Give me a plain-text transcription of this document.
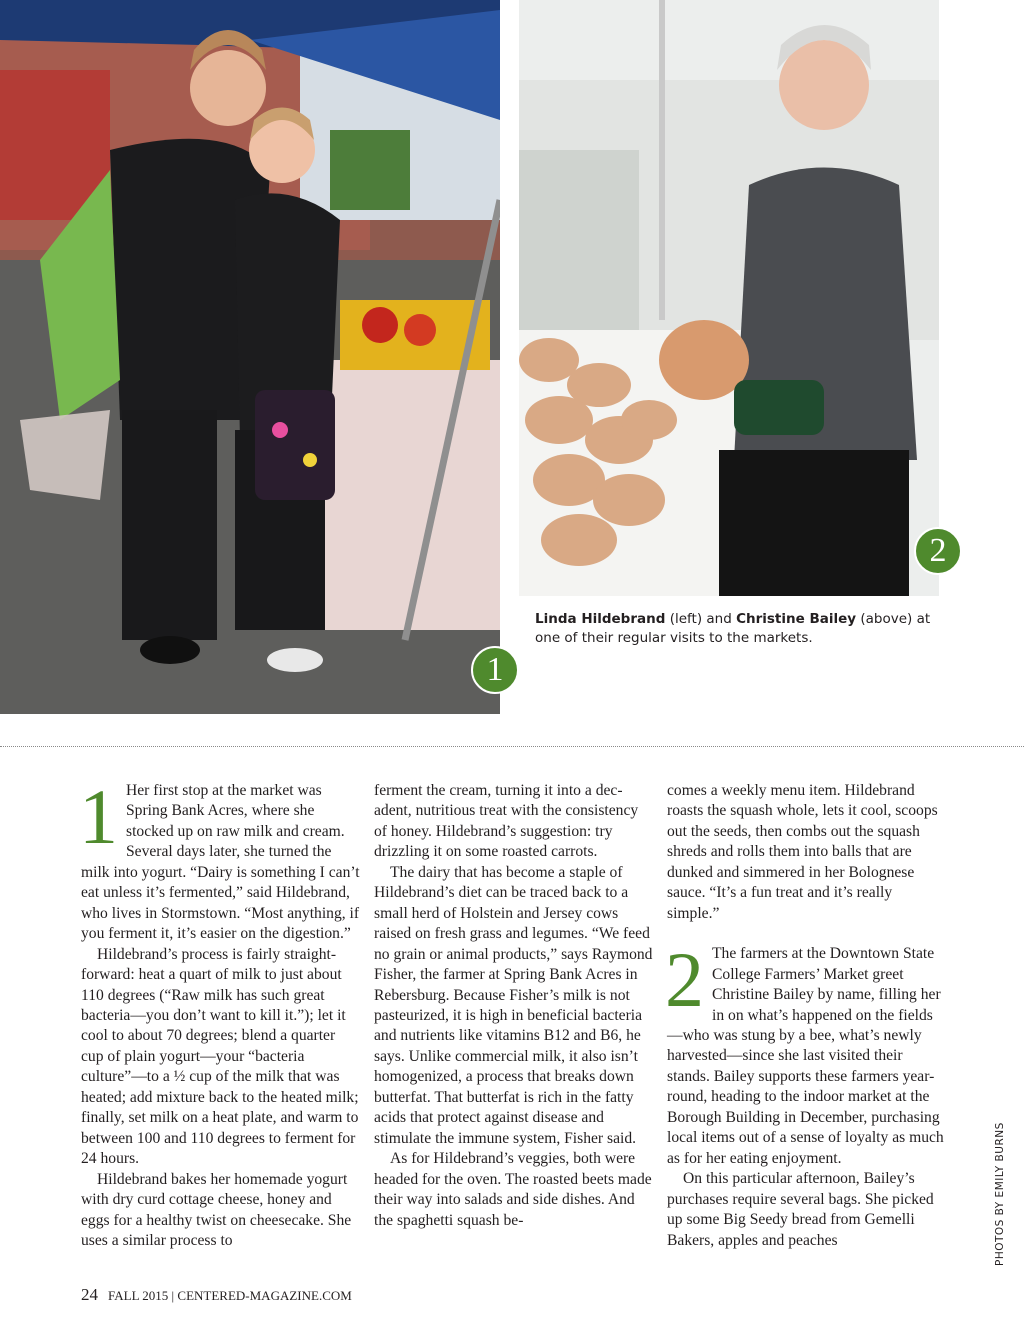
1
2
Linda Hildebrand (left) and Christine Bailey (above) at one of their regular visits to the markets.
1 Her first stop at the market was Spring Bank Acres, where she stocked up on raw milk and cream. Several days later, she turned the milk into yogurt. “Dairy is something I can’t eat unless it’s fermented,” said Hildebrand, who lives in Stormstown. “Most anything, if you ferment it, it’s easier on the digestion.”

Hildebrand’s process is fairly straightforward: heat a quart of milk to just about 110 degrees (“Raw milk has such great bacteria—you don’t want to kill it.”); let it cool to about 70 degrees; blend a quarter cup of plain yogurt—your “bacteria culture”—to a ½ cup of the milk that was heated; add mixture back to the heated milk; finally, set milk on a heat plate, and warm to between 100 and 110 degrees to ferment for 24 hours.

Hildebrand bakes her homemade yogurt with dry curd cottage cheese, honey and eggs for a healthy twist on cheesecake. She uses a similar process to

ferment the cream, turning it into a decadent, nutritious treat with the consistency of honey. Hildebrand’s suggestion: try drizzling it on some roasted carrots.

The dairy that has become a staple of Hildebrand’s diet can be traced back to a small herd of Holstein and Jersey cows raised on fresh grass and legumes. “We feed no grain or animal products,” says Raymond Fisher, the farmer at Spring Bank Acres in Rebersburg. Because Fisher’s milk is not pasteurized, it is high in beneficial bacteria and nutrients like vitamins B12 and B6, he says. Unlike commercial milk, it also isn’t homogenized, a process that breaks down butterfat. That butterfat is rich in the fatty acids that protect against disease and stimulate the immune system, Fisher said.

As for Hildebrand’s veggies, both were headed for the oven. The roasted beets made their way into salads and side dishes. And the spaghetti squash be-

comes a weekly menu item. Hildebrand roasts the squash whole, lets it cool, scoops out the seeds, then combs out the squash shreds and rolls them into balls that are dunked and simmered in her Bolognese sauce. “It’s a fun treat and it’s really simple.”

2 The farmers at the Downtown State College Farmers’ Market greet Christine Bailey by name, filling her in on what’s happened on the fields—who was stung by a bee, what’s newly harvested—since she last visited their stands. Bailey supports these farmers year-round, heading to the indoor market at the Borough Building in December, purchasing local items out of a sense of loyalty as much as for her eating enjoyment.

On this particular afternoon, Bailey’s purchases require several bags. She picked up some Big Seedy bread from Gemelli Bakers, apples and peaches	PHOTOS BY EMILY BURNS
24 FALL 2015 | CENTERED-MAGAZINE.COM
